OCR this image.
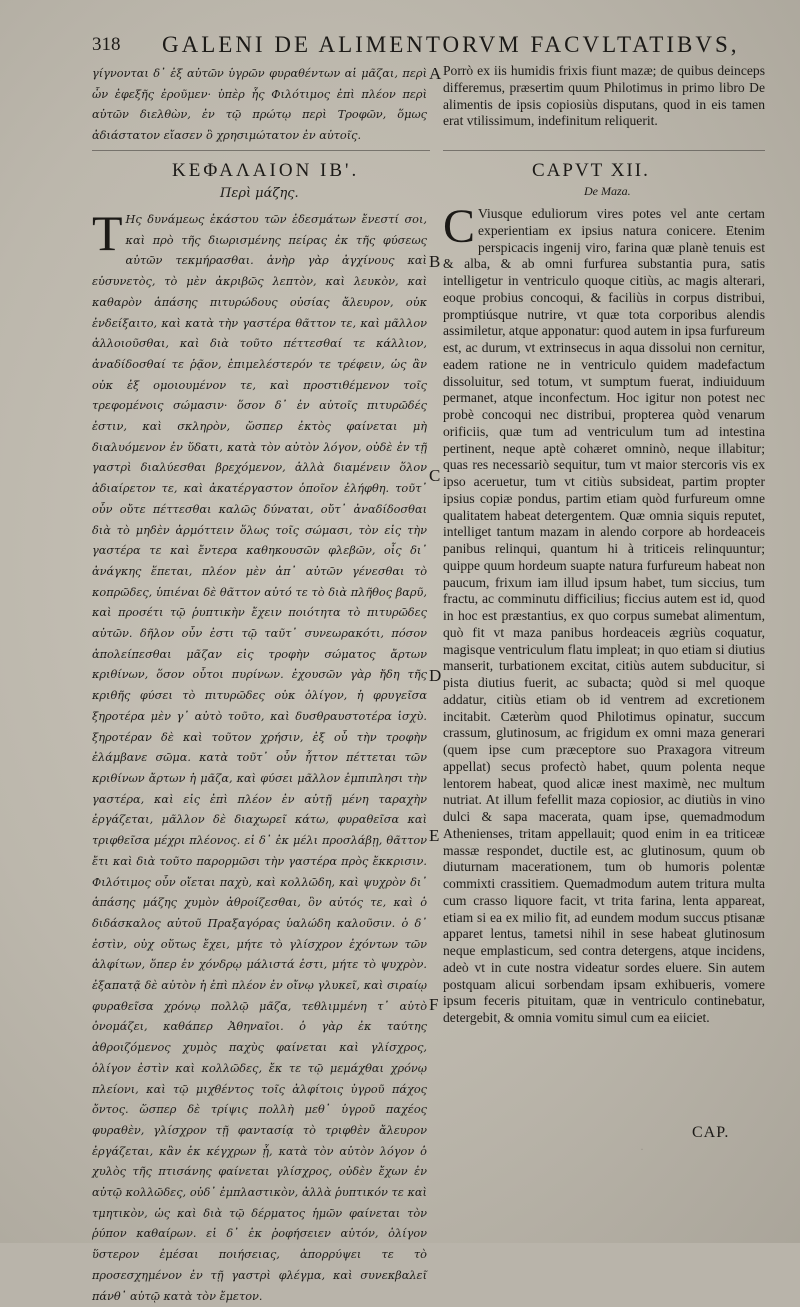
318 GALENI DE ALIMENTORVM FACVLTATIBVS,

γίγνονται δ᾽ ἐξ αὐτῶν ὑγρῶν φυραθέντων αἱ μᾶζαι, περὶ ὧν ἐφεξῆς ἐροῦμεν· ὑπὲρ ἧς Φιλότιμος ἐπὶ πλέον περὶ αὐτῶν διελθὼν, ἐν τῷ πρώτῳ περὶ Τροφῶν, ὅμως ἀδιάστατον εἴασεν ὃ χρησιμώτατον ἐν αὐτοῖς.

Porrò ex iis humidis frixis fiunt mazæ; de quibus deinceps differemus, præsertim quum Philotimus in primo libro De alimentis de ipsis copiosiùs disputans, quod in eis tamen erat vtilissimum, indefinitum reliquerit.

ΚΕΦΑΛΑΙΟΝ ΙΒ'.
Περὶ μάζης.
CAPVT XII.
De Maza.
Τ Ης δυνάμεως ἑκάστου τῶν ἐδεσμάτων ἔνεστί σοι, καὶ πρὸ τῆς διωρισμένης πείρας ἐκ τῆς φύσεως αὐτῶν τεκμήρασθαι. ἀνὴρ γὰρ ἀγχίνους καὶ εὐσυνετὸς, τὸ μὲν ἀκριβῶς λεπτὸν, καὶ λευκὸν, καὶ καθαρὸν ἁπάσης πιτυρώδους οὐσίας ἄλευρον, οὐκ ἐνδείξαιτο, καὶ κατὰ τὴν γαστέρα θᾶττον τε, καὶ μᾶλλον ἀλλοιοῦσθαι, καὶ διὰ τοῦτο πέττεσθαί τε κάλλιον, ἀναδίδοσθαί τε ῥᾷον, ἐπιμελέστερόν τε τρέφειν, ὡς ἂν οὐκ ἐξ ομοιουμένον τε, καὶ προστιθέμενον τοῖς τρεφομένοις σώμασιν· ὅσον δ᾽ ἐν αὐτοῖς πιτυρῶδές ἐστιν, καὶ σκληρὸν, ὥσπερ ἐκτὸς φαίνεται μὴ διαλυόμενον ἐν ὕδατι, κατὰ τὸν αὐτὸν λόγον, οὐδὲ ἐν τῇ γαστρὶ διαλύεσθαι βρεχόμενον, ἀλλὰ διαμένειν ὅλον ἀδιαίρετον τε, καὶ ἀκατέργαστον ὁποῖον ἐλήφθη. τοῦτ᾽ οὖν οὔτε πέττεσθαι καλῶς δύναται, οὔτ᾽ ἀναδίδοσθαι διὰ τὸ μηδὲν ἁρμόττειν ὅλως τοῖς σώμασι, τὸν εἰς τὴν γαστέρα τε καὶ ἔντερα καθηκουσῶν φλεβῶν, οἷς δι᾽ ἀνάγκης ἕπεται, πλέον μὲν ἀπ᾽ αὐτῶν γένεσθαι τὸ κοπρῶδες, ὑπιέναι δὲ θᾶττον αὐτό τε τὸ διὰ πλῆθος βαρῦ, καὶ προσέτι τῷ ῥυπτικὴν ἔχειν ποιότητα τὸ πιτυρῶδες αὐτῶν. δῆλον οὖν ἐστι τῷ ταῦτ᾽ συνεωρακότι, πόσον ἀπολείπεσθαι μᾶζαν εἰς τροφὴν σώματος ἄρτων κριθίνων, ὅσον οὗτοι πυρίνων. ἐχουσῶν γὰρ ἤδη τῆς κριθῆς φύσει τὸ πιτυρῶδες οὐκ ὀλίγον, ἡ φρυγεῖσα ξηροτέρα μὲν γ᾽ αὐτὸ τοῦτο, καὶ δυσθραυστοτέρα ἰσχὺ. ξηροτέραν δὲ καὶ τοῦτον χρήσιν, ἐξ οὗ τὴν τροφὴν ἐλάμβανε σῶμα. κατὰ τοῦτ᾽ οὖν ἧττον πέττεται τῶν κριθίνων ἄρτων ἡ μᾶζα, καὶ φύσει μᾶλλον ἐμπιπλησι τὴν γαστέρα, καὶ εἰς ἐπὶ πλέον ἐν αὐτῇ μένη ταραχὴν ἐργάζεται, μᾶλλον δὲ διαχωρεῖ κάτω, φυραθεῖσα καὶ τριφθεῖσα μέχρι πλέονος. εἰ δ᾽ ἐκ μέλι προσλάβῃ, θᾶττον ἔτι καὶ διὰ τοῦτο παρορμῶσι τὴν γαστέρα πρὸς ἔκκρισιν. Φιλότιμος οὖν οἴεται παχὺ, καὶ κολλῶδη, καὶ ψυχρὸν δι᾽ ἁπάσης μάζης χυμὸν ἀθροίζεσθαι, ὃν αὐτός τε, καὶ ὁ διδάσκαλος αὐτοῦ Πραξαγόρας ὑαλώδη καλοῦσιν. ὁ δ᾽ ἐστὶν, οὐχ οὕτως ἔχει, μήτε τὸ γλίσχρον ἐχόντων τῶν ἀλφίτων, ὅπερ ἐν χόνδρῳ μάλιστά ἐστι, μήτε τὸ ψυχρὸν. ἐξαπατᾷ δὲ αὐτὸν ἡ ἐπὶ πλέον ἐν οἴνῳ γλυκεῖ, καὶ σιραίῳ φυραθεῖσα χρόνῳ πολλῷ μᾶζα, τεθλιμμένη τ᾽ αὐτὸ ὀνομάζει, καθάπερ Ἀθηναῖοι. ὁ γὰρ ἐκ ταύτης ἀθροιζόμενος χυμὸς παχὺς φαίνεται καὶ γλίσχρος, ὀλίγον ἐστὶν καὶ κολλῶδες, ἔκ τε τῷ μεμάχθαι χρόνῳ πλείονι, καὶ τῷ μιχθέντος τοῖς ἀλφίτοις ὑγροῦ πάχος ὄντος. ὥσπερ δὲ τρίψις πολλὴ μεθ᾽ ὑγροῦ παχέος φυραθὲν, γλίσχρον τῇ φαντασίᾳ τὸ τριφθὲν ἄλευρον ἐργάζεται, κἂν ἐκ κέγχρων ᾖ, κατὰ τὸν αὐτὸν λόγον ὁ χυλὸς τῆς πτισάνης φαίνεται γλίσχρος, οὐδὲν ἔχων ἐν αὐτῷ κολλῶδες, οὐδ᾽ ἐμπλαστικὸν, ἀλλὰ ῥυπτικόν τε καὶ τμητικὸν, ὡς καὶ διὰ τῷ δέρματος ἡμῶν φαίνεται τὸν ῥύπον καθαίρων. εἰ δ᾽ ἐκ ῥοφήσειεν αὐτόν, ὀλίγον ὕστερον ἐμέσαι ποιήσειας, ἀπορρύψει τε τὸ προσεσχημένον ἐν τῇ γαστρὶ φλέγμα, καὶ συνεκβαλεῖ πάνθ᾽ αὐτῷ κατὰ τὸν ἔμετον.

C Viusque eduliorum vires potes vel ante certam experientiam ex ipsius natura conicere. Etenim perspicacis ingenij viro, farina quæ planè tenuis est & alba, & ab omni furfurea substantia pura, satis intelligetur in ventriculo quoque citiùs, ac magis alterari, eoque probius concoqui, & faciliùs in corpus distribui, promptiúsque nutrire, vt quæ tota corporibus alendis assimiletur, atque apponatur: quod autem in ipsa furfureum est, ac durum, vt extrinsecus in aqua dissolui non cernitur, eadem ratione ne in ventriculo quidem madefactum dissoluitur, sed totum, vt sumptum fuerat, indiuiduum permanet, atque inconfectum. Hoc igitur non potest nec probè concoqui nec distribui, propterea quòd venarum orificiis, quæ tum ad ventriculum tum ad intestina pertinent, neque aptè cohæret omninò, neque illabitur; quas res necessariò sequitur, tum vt maior stercoris vis ex ipso aceruetur, tum vt citiùs subsideat, partim propter ipsius copiæ pondus, partim etiam quòd furfureum omne qualitatem habeat detergentem. Quæ omnia siquis reputet, intelliget tantum mazam in alendo corpore ab hordeaceis panibus relinqui, quantum hi à triticeis relinquuntur; quippe quum hordeum suapte natura furfureum habeat non paucum, frixum iam illud ipsum habet, tum siccius, tum fractu, ac comminutu difficilius; ficcius autem est id, quod in hoc est præstantius, ex quo corpus sumebat alimentum, quò fit vt maza panibus hordeaceis ægriùs coquatur, magisque ventriculum flatu impleat; in quo etiam si diutius manserit, turbationem excitat, citiùs autem subducitur, si pista diutius fuerit, ac subacta; quòd si mel quoque addatur, citiùs etiam ob id ventrem ad excretionem incitabit. Cæterùm quod Philotimus opinatur, succum crassum, glutinosum, ac frigidum ex omni maza generari (quem ipse cum præceptore suo Praxagora vitreum appellat) secus profectò habet, quum polenta neque lentorem habeat, quod alicæ inest maximè, nec multum nutriat. At illum fefellit maza copiosior, ac diutiùs in vino dulci & sapa macerata, quam ipse, quemadmodum Athenienses, tritam appellauit; quod enim in ea triticeæ massæ respondet, ductile est, ac glutinosum, quum ob diuturnam macerationem, tum ob humoris polentæ commixti crassitiem. Quemadmodum autem tritura multa cum crasso liquore facit, vt trita farina, lenta appareat, etiam si ea ex milio fit, ad eundem modum succus ptisanæ apparet lentus, tametsi nihil in sese habeat glutinosum neque emplasticum, sed contra detergens, atque incidens, adeò vt in cute nostra videatur sordes eluere. Sin autem postquam alicui sorbendam ipsam exhibueris, vomere ipsum feceris pituitam, quæ in ventriculo continebatur, detergebit, & omnia vomitu simul cum ea eiiciet.

A
B
C
D
E
F
CAP.
·
